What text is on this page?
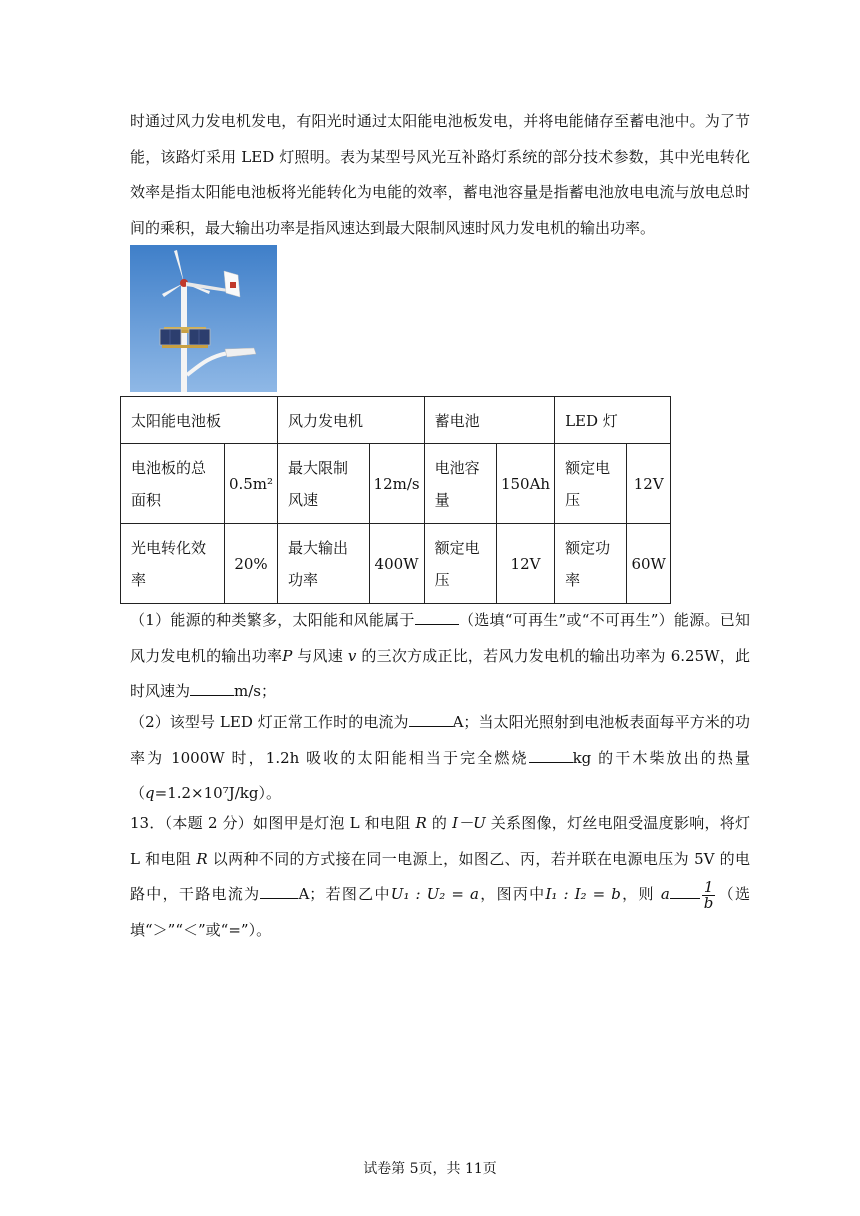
时通过风力发电机发电，有阳光时通过太阳能电池板发电，并将电能储存至蓄电池中。为了节能，该路灯采用 LED 灯照明。表为某型号风光互补路灯系统的部分技术参数，其中光电转化效率是指太阳能电池板将光能转化为电能的效率，蓄电池容量是指蓄电池放电电流与放电总时间的乘积，最大输出功率是指风速达到最大限制风速时风力发电机的输出功率。
太阳能电池板		风力发电机		蓄电池		LED 灯	
电池板的总面积	0.5m²	最大限制风速	12m/s	电池容量	150Ah	额定电压	12V
光电转化效率	20%	最大输出功率	400W	额定电压	12V	额定功率	60W
（1）能源的种类繁多，太阳能和风能属于	（选填“可再生”或“不可再生”）能源。已知风力发电机的输出功率P 与风速 v 的三次方成正比，若风力发电机的输出功率为 6.25W，此时风速为	m/s；
（2）该型号 LED 灯正常工作时的电流为	A；当太阳光照射到电池板表面每平方米的功率为 1000W 时，1.2h 吸收的太阳能相当于完全燃烧	kg 的干木柴放出的热量（q=1.2×10⁷J/kg）。
13．（本题 2 分）如图甲是灯泡 L 和电阻 R 的 I－U 关系图像，灯丝电阻受温度影响，将灯 L 和电阻 R 以两种不同的方式接在同一电源上，如图乙、丙，若并联在电源电压为 5V 的电路中，干路电流为	A；若图乙中U₁ : U₂ = a，图丙中I₁ : I₂ = b，则 a $\frac{1}{b}$ （选填“＞”“＜”或“=”）。
试卷第 5页，共 11页
